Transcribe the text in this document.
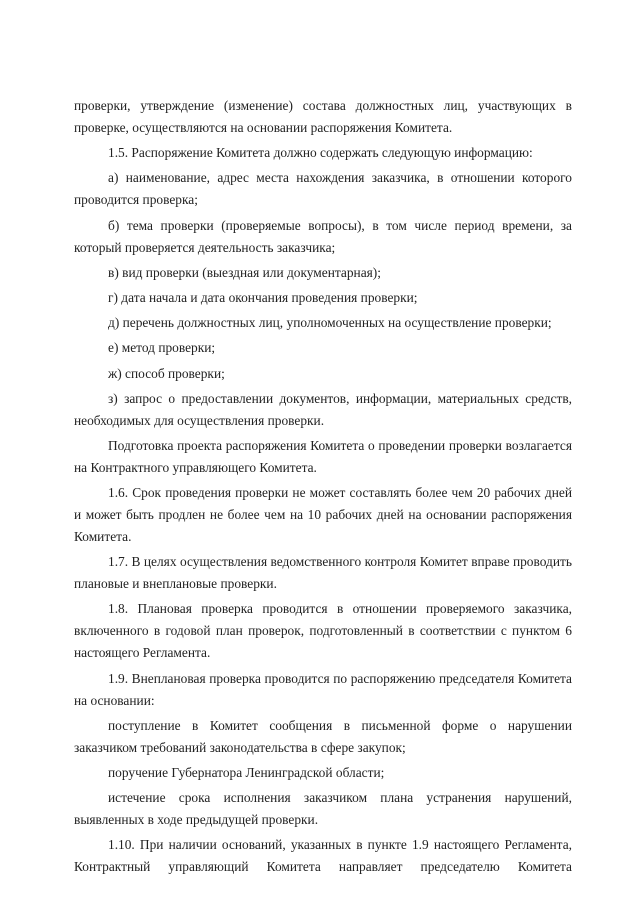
проверки, утверждение (изменение) состава должностных лиц, участвующих в проверке, осуществляются на основании распоряжения Комитета.

1.5. Распоряжение Комитета должно содержать следующую информацию:

а) наименование, адрес места нахождения заказчика, в отношении которого проводится проверка;

б) тема проверки (проверяемые вопросы), в том числе период времени, за который проверяется деятельность заказчика;

в) вид проверки (выездная или документарная);

г) дата начала и дата окончания проведения проверки;

д) перечень должностных лиц, уполномоченных на осуществление проверки;

е) метод проверки;

ж) способ проверки;

з) запрос о предоставлении документов, информации, материальных средств, необходимых для осуществления проверки.

Подготовка проекта распоряжения Комитета о проведении проверки возлагается на Контрактного управляющего Комитета.

1.6. Срок проведения проверки не может составлять более чем 20 рабочих дней и может быть продлен не более чем на 10 рабочих дней на основании распоряжения Комитета.

1.7. В целях осуществления ведомственного контроля Комитет вправе проводить плановые и внеплановые проверки.

1.8. Плановая проверка проводится в отношении проверяемого заказчика, включенного в годовой план проверок, подготовленный в соответствии с пунктом 6 настоящего Регламента.

1.9. Внеплановая проверка проводится по распоряжению председателя Комитета на основании:

поступление в Комитет сообщения в письменной форме о нарушении заказчиком требований законодательства в сфере закупок;

поручение Губернатора Ленинградской области;

истечение срока исполнения заказчиком плана устранения нарушений, выявленных в ходе предыдущей проверки.

1.10. При наличии оснований, указанных в пункте 1.9 настоящего Регламента, Контрактный управляющий Комитета направляет председателю Комитета
